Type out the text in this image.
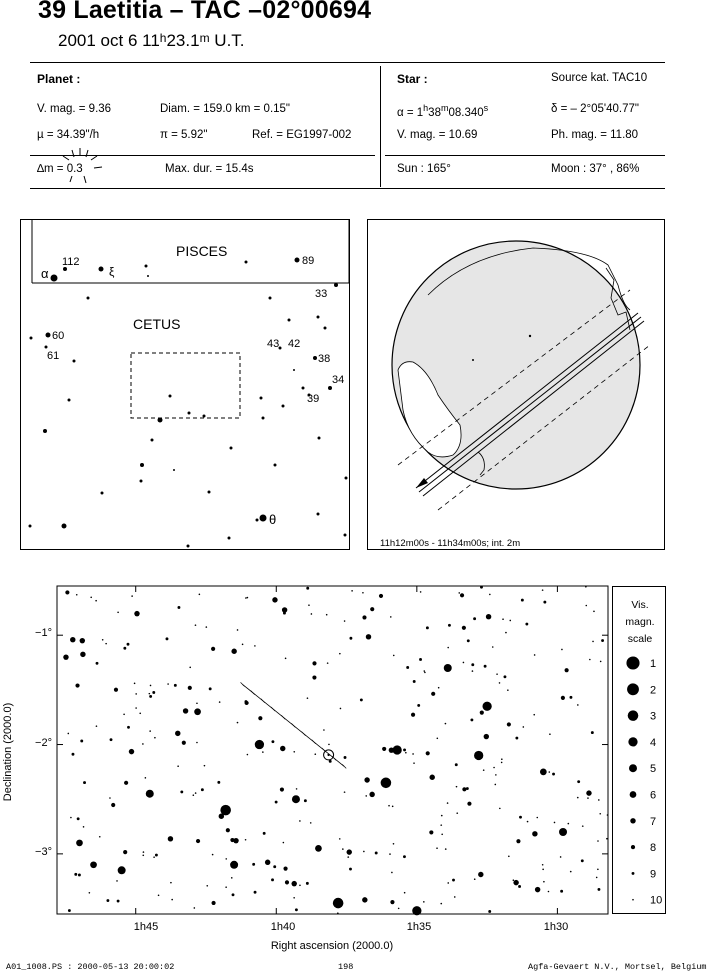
39 Laetitia – TAC –02°00694
2001 oct 6 11$^h$23.1$^m$ U.T.
Planet :
V. mag. = 9.36	Diam. = 159.0 km = 0.15"
µ = 34.39"/h	π = 5.92"	Ref. = EG1997-002
∆m = 0.3	Max. dur. = 15.4s
Star :	Source kat. TAC10
$\alpha = 1^h38^m08.340^s$	δ = – 2°05'40.77"
V. mag. = 10.69	Ph. mag. = 11.80
Sun : 165°	Moon : 37° , 86%
PISCES
CETUS
α
112
ξ
89
33
60
61
43 42
38
34
39
θ
11h12m00s - 11h34m00s; int. 2m
Right ascension (2000.0)
Declination (2000.0)
1h45	1h40	1h35	1h30
−1°
−2°
−3°
Vis.
magn.
scale
1
2
3
4
5
6
7
8
9
10
A01_1008.PS : 2000-05-13 20:00:02	198	Agfa-Gevaert N.V., Mortsel, Belgium
